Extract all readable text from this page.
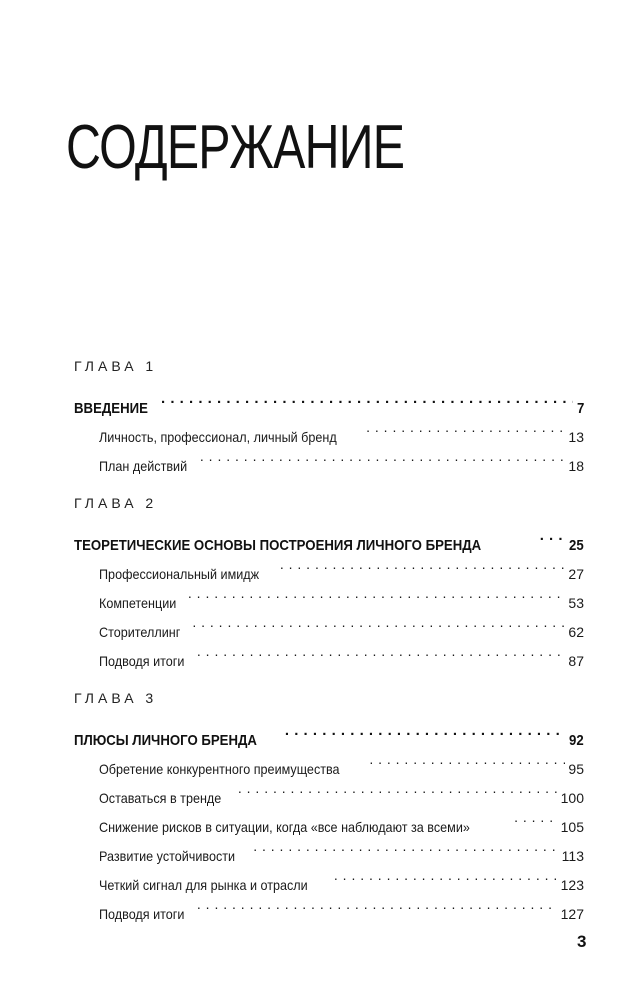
СОДЕРЖАНИЕ
ГЛАВА 1
ВВЕДЕНИЕ . . .	7
Личность, профессионал, личный бренд . . .	13
План действий . . .	18
ГЛАВА 2
ТЕОРЕТИЧЕСКИЕ ОСНОВЫ ПОСТРОЕНИЯ ЛИЧНОГО БРЕНДА . . .	25
Профессиональный имидж . . .	27
Компетенции . . .	53
Сторителлинг . . .	62
Подводя итоги . . .	87
ГЛАВА 3
ПЛЮСЫ ЛИЧНОГО БРЕНДА . . .	92
Обретение конкурентного преимущества . . .	95
Оставаться в тренде . . .	100
Снижение рисков в ситуации, когда «все наблюдают за всеми» . . .	105
Развитие устойчивости . . .	113
Четкий сигнал для рынка и отрасли . . .	123
Подводя итоги . . .	127
3
